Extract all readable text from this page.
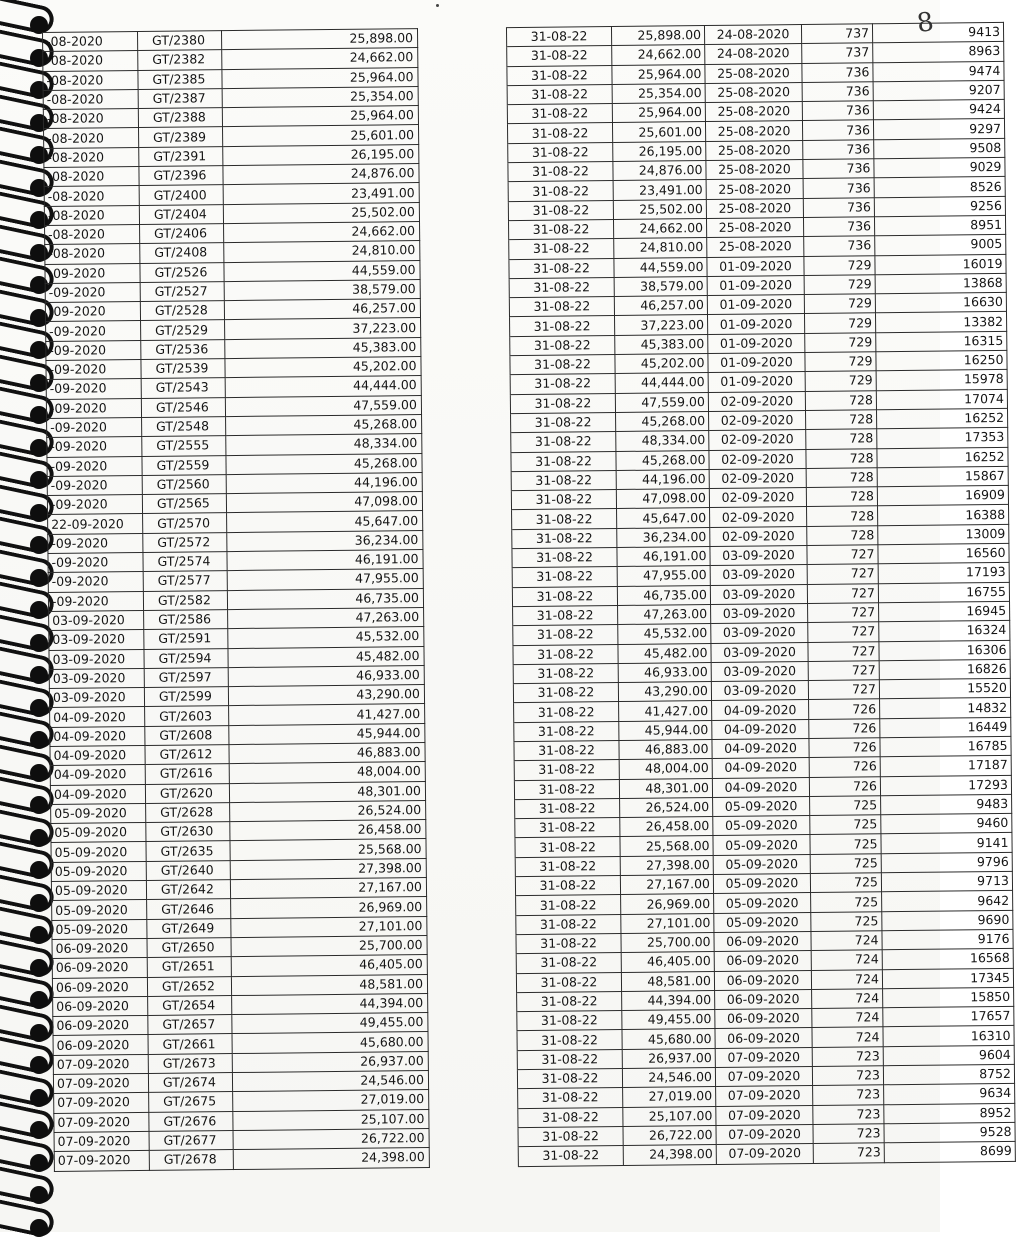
8
-08-2020	GT/2380	25,898.00		31-08-22	25,898.00	24-08-2020	737	9413
-08-2020	GT/2382	24,662.00		31-08-22	24,662.00	24-08-2020	737	8963
-08-2020	GT/2385	25,964.00		31-08-22	25,964.00	25-08-2020	736	9474
-08-2020	GT/2387	25,354.00		31-08-22	25,354.00	25-08-2020	736	9207
-08-2020	GT/2388	25,964.00		31-08-22	25,964.00	25-08-2020	736	9424
-08-2020	GT/2389	25,601.00		31-08-22	25,601.00	25-08-2020	736	9297
-08-2020	GT/2391	26,195.00		31-08-22	26,195.00	25-08-2020	736	9508
-08-2020	GT/2396	24,876.00		31-08-22	24,876.00	25-08-2020	736	9029
-08-2020	GT/2400	23,491.00		31-08-22	23,491.00	25-08-2020	736	8526
-08-2020	GT/2404	25,502.00		31-08-22	25,502.00	25-08-2020	736	9256
-08-2020	GT/2406	24,662.00		31-08-22	24,662.00	25-08-2020	736	8951
-08-2020	GT/2408	24,810.00		31-08-22	24,810.00	25-08-2020	736	9005
-09-2020	GT/2526	44,559.00		31-08-22	44,559.00	01-09-2020	729	16019
-09-2020	GT/2527	38,579.00		31-08-22	38,579.00	01-09-2020	729	13868
-09-2020	GT/2528	46,257.00		31-08-22	46,257.00	01-09-2020	729	16630
-09-2020	GT/2529	37,223.00		31-08-22	37,223.00	01-09-2020	729	13382
-09-2020	GT/2536	45,383.00		31-08-22	45,383.00	01-09-2020	729	16315
-09-2020	GT/2539	45,202.00		31-08-22	45,202.00	01-09-2020	729	16250
-09-2020	GT/2543	44,444.00		31-08-22	44,444.00	01-09-2020	729	15978
-09-2020	GT/2546	47,559.00		31-08-22	47,559.00	02-09-2020	728	17074
-09-2020	GT/2548	45,268.00		31-08-22	45,268.00	02-09-2020	728	16252
-09-2020	GT/2555	48,334.00		31-08-22	48,334.00	02-09-2020	728	17353
-09-2020	GT/2559	45,268.00		31-08-22	45,268.00	02-09-2020	728	16252
-09-2020	GT/2560	44,196.00		31-08-22	44,196.00	02-09-2020	728	15867
-09-2020	GT/2565	47,098.00		31-08-22	47,098.00	02-09-2020	728	16909
22-09-2020	GT/2570	45,647.00		31-08-22	45,647.00	02-09-2020	728	16388
-09-2020	GT/2572	36,234.00		31-08-22	36,234.00	02-09-2020	728	13009
-09-2020	GT/2574	46,191.00		31-08-22	46,191.00	03-09-2020	727	16560
-09-2020	GT/2577	47,955.00		31-08-22	47,955.00	03-09-2020	727	17193
-09-2020	GT/2582	46,735.00		31-08-22	46,735.00	03-09-2020	727	16755
03-09-2020	GT/2586	47,263.00		31-08-22	47,263.00	03-09-2020	727	16945
03-09-2020	GT/2591	45,532.00		31-08-22	45,532.00	03-09-2020	727	16324
03-09-2020	GT/2594	45,482.00		31-08-22	45,482.00	03-09-2020	727	16306
03-09-2020	GT/2597	46,933.00		31-08-22	46,933.00	03-09-2020	727	16826
03-09-2020	GT/2599	43,290.00		31-08-22	43,290.00	03-09-2020	727	15520
04-09-2020	GT/2603	41,427.00		31-08-22	41,427.00	04-09-2020	726	14832
04-09-2020	GT/2608	45,944.00		31-08-22	45,944.00	04-09-2020	726	16449
04-09-2020	GT/2612	46,883.00		31-08-22	46,883.00	04-09-2020	726	16785
04-09-2020	GT/2616	48,004.00		31-08-22	48,004.00	04-09-2020	726	17187
04-09-2020	GT/2620	48,301.00		31-08-22	48,301.00	04-09-2020	726	17293
05-09-2020	GT/2628	26,524.00		31-08-22	26,524.00	05-09-2020	725	9483
05-09-2020	GT/2630	26,458.00		31-08-22	26,458.00	05-09-2020	725	9460
05-09-2020	GT/2635	25,568.00		31-08-22	25,568.00	05-09-2020	725	9141
05-09-2020	GT/2640	27,398.00		31-08-22	27,398.00	05-09-2020	725	9796
05-09-2020	GT/2642	27,167.00		31-08-22	27,167.00	05-09-2020	725	9713
05-09-2020	GT/2646	26,969.00		31-08-22	26,969.00	05-09-2020	725	9642
05-09-2020	GT/2649	27,101.00		31-08-22	27,101.00	05-09-2020	725	9690
06-09-2020	GT/2650	25,700.00		31-08-22	25,700.00	06-09-2020	724	9176
06-09-2020	GT/2651	46,405.00		31-08-22	46,405.00	06-09-2020	724	16568
06-09-2020	GT/2652	48,581.00		31-08-22	48,581.00	06-09-2020	724	17345
06-09-2020	GT/2654	44,394.00		31-08-22	44,394.00	06-09-2020	724	15850
06-09-2020	GT/2657	49,455.00		31-08-22	49,455.00	06-09-2020	724	17657
06-09-2020	GT/2661	45,680.00		31-08-22	45,680.00	06-09-2020	724	16310
07-09-2020	GT/2673	26,937.00		31-08-22	26,937.00	07-09-2020	723	9604
07-09-2020	GT/2674	24,546.00		31-08-22	24,546.00	07-09-2020	723	8752
07-09-2020	GT/2675	27,019.00		31-08-22	27,019.00	07-09-2020	723	9634
07-09-2020	GT/2676	25,107.00		31-08-22	25,107.00	07-09-2020	723	8952
07-09-2020	GT/2677	26,722.00		31-08-22	26,722.00	07-09-2020	723	9528
07-09-2020	GT/2678	24,398.00		31-08-22	24,398.00	07-09-2020	723	8699
